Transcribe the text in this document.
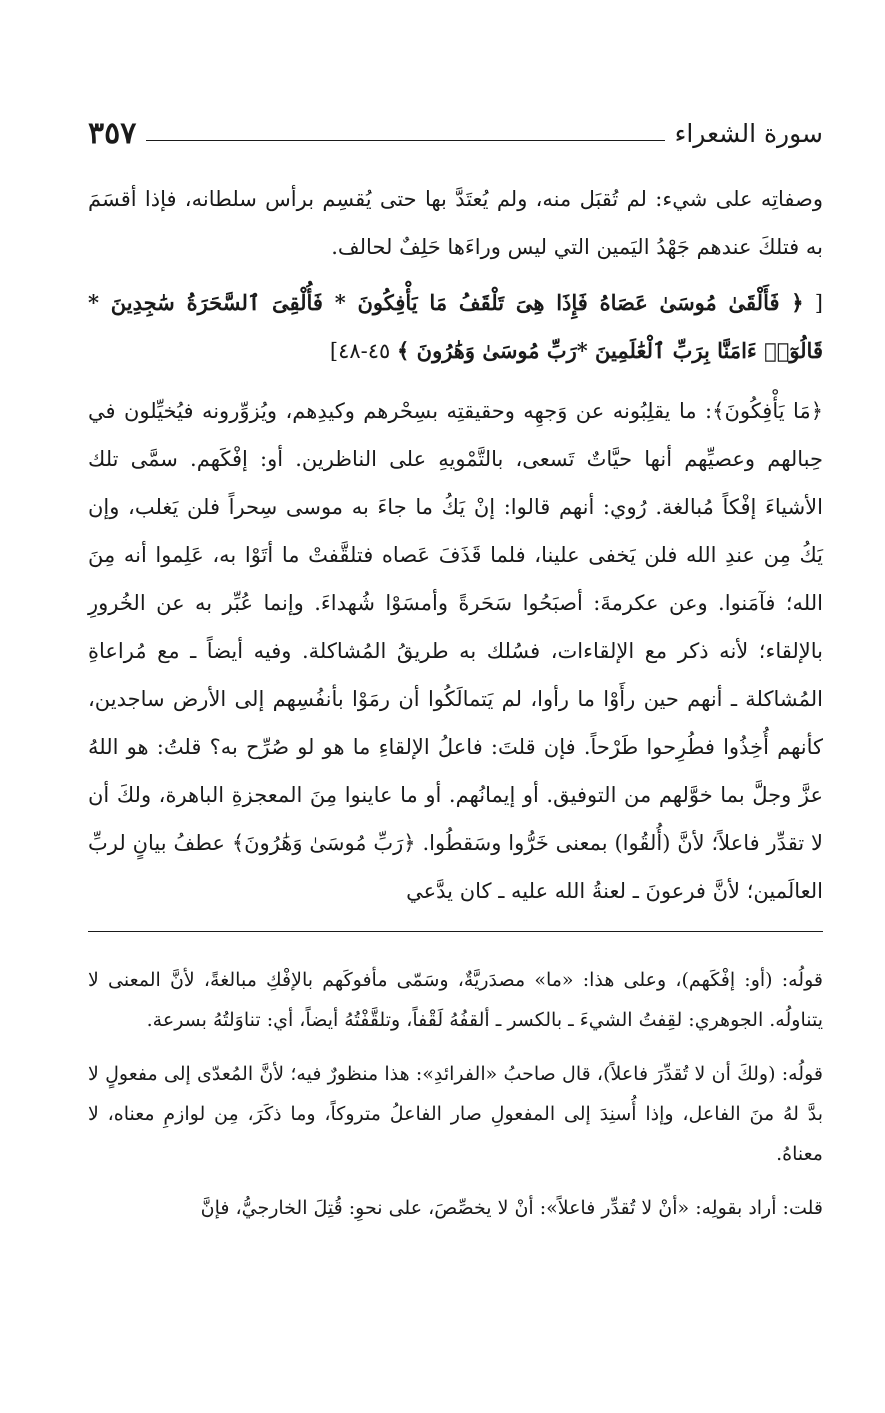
سورة الشعراء
٣٥٧

وصفاتِه على شيء: لم تُقبَل منه، ولم يُعتَدَّ بها حتى يُقسِم برأس سلطانه، فإذا أقسَمَ به فتلكَ عندهم جَهْدُ اليَمين التي ليس وراءَها حَلِفٌ لحالف.

[ ﴿ فَأَلْقَىٰ مُوسَىٰ عَصَاهُ فَإِذَا هِىَ تَلْقَفُ مَا يَأْفِكُونَ * فَأُلْقِىَ ٱلسَّحَرَةُ سَٰجِدِينَ * قَالُوٓا۟ ءَامَنَّا بِرَبِّ ٱلْعَٰلَمِينَ *رَبِّ مُوسَىٰ وَهَٰرُونَ ﴾ ٤٥-٤٨]

﴿مَا يَأْفِكُونَ﴾: ما يقلِبُونه عن وَجهِه وحقيقتِه بسِحْرهم وكيدِهم، ويُزوِّرونه فيُخيِّلون في حِبالهم وعصيِّهم أنها حيَّاتٌ تَسعى، بالتَّمْويهِ على الناظرين. أو: إفْكَهم. سمَّى تلك الأشياءَ إفْكاً مُبالغة. رُوي: أنهم قالوا: إنْ يَكُ ما جاءَ به موسى سِحراً فلن يَغلب، وإن يَكُ مِن عندِ الله فلن يَخفى علينا، فلما قَذَفَ عَصاه فتلقَّفتْ ما أتَوْا به، عَلِموا أنه مِنَ الله؛ فآمَنوا. وعن عكرمةَ: أصبَحُوا سَحَرةً وأمسَوْا شُهداءَ. وإنما عُبِّر به عن الخُرورِ بالإلقاء؛ لأنه ذكر مع الإلقاءات، فسُلك به طريقُ المُشاكلة. وفيه أيضاً ـ مع مُراعاةِ المُشاكلة ـ أنهم حين رأَوْا ما رأوا، لم يَتمالَكُوا أن رمَوْا بأنفُسِهم إلى الأرض ساجدين، كأنهم أُخِذُوا فطُرِحوا طَرْحاً. فإن قلتَ: فاعلُ الإلقاءِ ما هو لو صُرِّح به؟ قلتُ: هو اللهُ عزَّ وجلَّ بما خوَّلهم من التوفيق. أو إيمانُهم. أو ما عاينوا مِنَ المعجزةِ الباهرة، ولكَ أن لا تقدِّر فاعلاً؛ لأنَّ (أُلقُوا) بمعنى خَرُّوا وسَقطُوا. ﴿رَبِّ مُوسَىٰ وَهَٰرُونَ﴾ عطفُ بيانٍ لربِّ العالَمين؛ لأنَّ فرعونَ ـ لعنةُ الله عليه ـ كان يدَّعي

قولُه: (أو: إفْكَهم)، وعلى هذا: «ما» مصدَريَّةٌ، وسَمّى مأفوكَهم بالإفْكِ مبالغةً، لأنَّ المعنى لا يتناولُه. الجوهري: لقِفتُ الشيءَ ـ بالكسر ـ ألقفُهُ لَقْفاً، وتلقَّفْتُهُ أيضاً، أي: تناوَلتُهُ بسرعة.

قولُه: (ولكَ أن لا تُقدِّرَ فاعلاً)، قال صاحبُ «الفرائدِ»: هذا منظورٌ فيه؛ لأنَّ المُعدّى إلى مفعولٍ لا بدَّ لهُ منَ الفاعل، وإذا أُسنِدَ إلى المفعولِ صار الفاعلُ متروكاً، وما ذكَرَ، مِن لوازمِ معناه، لا معناهُ.

قلت: أراد بقولِه: «أنْ لا تُقدِّر فاعلاً»: أنْ لا يخصِّصَ، على نحوِ: قُتِلَ الخارجيُّ، فإنَّ
